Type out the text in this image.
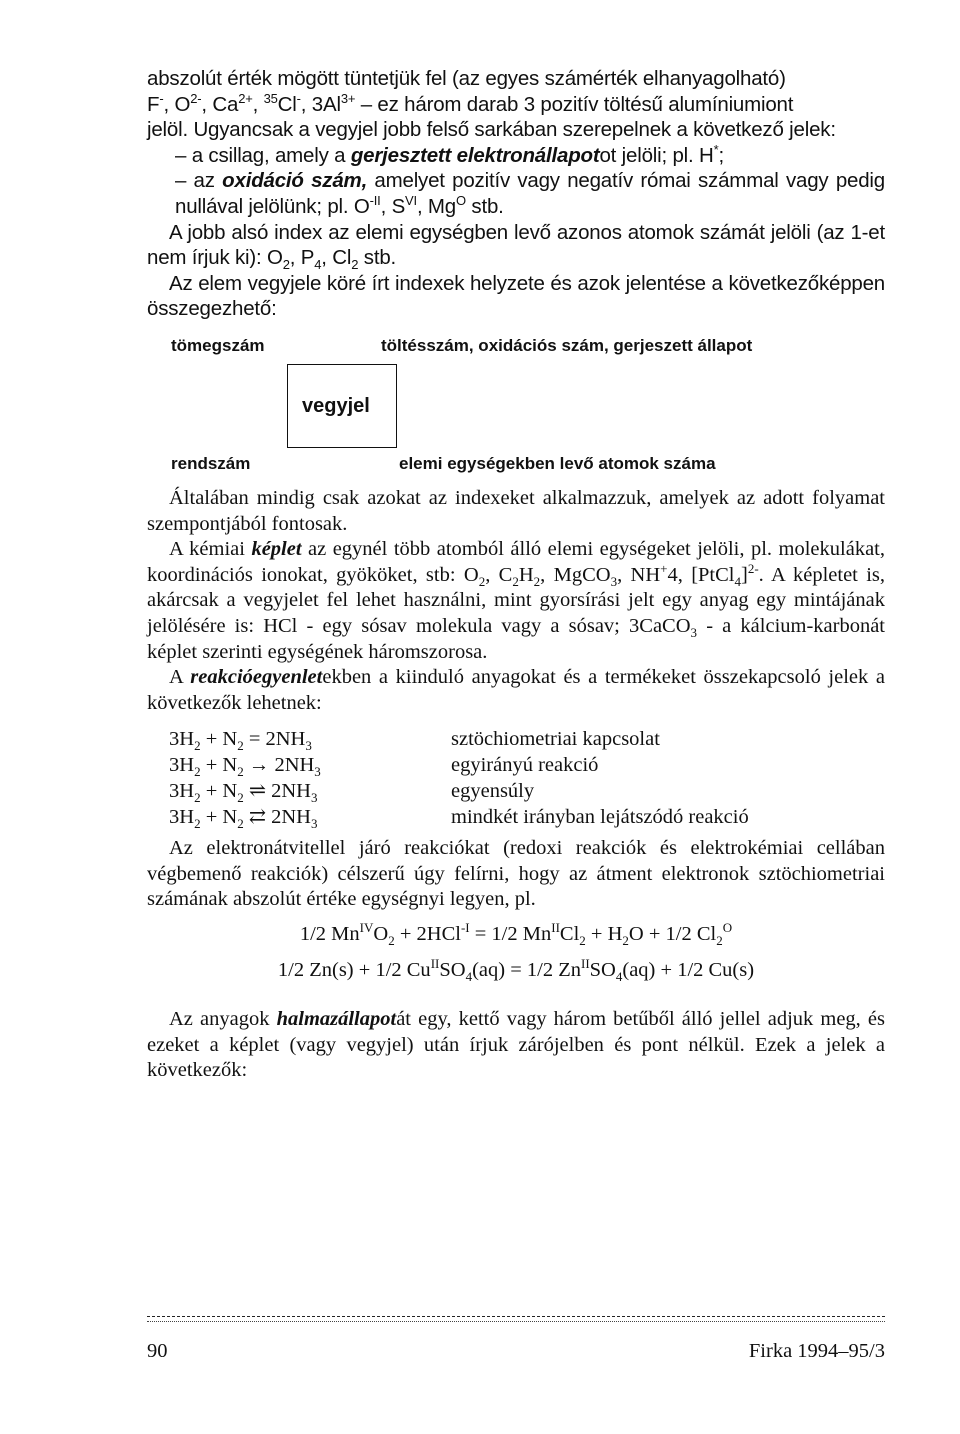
abszolút érték mögött tüntetjük fel (az egyes számérték elhanyagolható)
F-, $O^{2-}$, $Ca^{2+}$, $^{35}$Cl-, $3Al^{3+}$ – ez három darab 3 pozitív töltésű alumíniumiont
jelöl. Ugyancsak a vegyjel jobb felső sarkában szerepelnek a következő jelek:

– a csillag, amely a gerjesztett elektronállapotot jelöli; pl. H*;

– az oxidáció szám, amelyet pozitív vagy negatív római számmal vagy pedig nullával jelölünk; pl. $O^{-II}$, $S^{VI}$, $Mg^O$ stb.

A jobb alsó index az elemi egységben levő azonos atomok számát jelöli (az 1-et nem írjuk ki): $O_2$, $P_4$, $Cl_2$ stb.

Az elem vegyjele köré írt indexek helyzete és azok jelentése a következőképpen összegezhető:

tömegszám	töltésszám, oxidációs szám, gerjeszett állapot
vegyjel
rendszám	elemi egységekben levő atomok száma

Általában mindig csak azokat az indexeket alkalmazzuk, amelyek az adott folyamat szempontjából fontosak.

A kémiai képlet az egynél több atomból álló elemi egységeket jelöli, pl. molekulákat, koordinációs ionokat, gyököket, stb: $O_2$, $C_2H_2$, MgCO$_3$, NH+4, [PtCl$_4$]$^{2-}$. A képletet is, akárcsak a vegyjelet fel lehet használni, mint gyorsírási jelt egy anyag egy mintájának jelölésére is: HCl - egy sósav molekula vagy a sósav; 3CaCO$_3$ - a kálcium-karbonát képlet szerinti egységének háromszorosa.

A reakcióegyenletekben a kiinduló anyagokat és a termékeket összekapcsoló jelek a következők lehetnek:

$3H_2 + N_2 = 2NH_3$	sztöchiometriai kapcsolat
$3H_2 + N_2 \to 2NH_3$	egyirányú reakció
$3H_2 + N_2$ ⇌ $2NH_3$	egyensúly
$3H_2 + N_2$ ⇄ $2NH_3$	mindkét irányban lejátszódó reakció

Az elektronátvitellel járó reakciókat (redoxi reakciók és elektrokémiai cellában végbemenő reakciók) célszerű úgy felírni, hogy az átment elektronok sztöchiometriai számának abszolút értéke egységnyi legyen, pl.

1/2 $Mn^{IV}O_2 + 2HCl^{-I} = 1/2$ $Mn^{II}Cl_2 + H_2O + 1/2$ $Cl_2^O$
1/2 Zn(s) + 1/2 $Cu^{II}SO_4(aq) = 1/2$ $Zn^{II}SO_4(aq) + 1/2$ Cu(s)

Az anyagok halmazállapotát egy, kettő vagy három betűből álló jellel adjuk meg, és ezeket a képlet (vagy vegyjel) után írjuk zárójelben és pont nélkül. Ezek a jelek a következők:

90	Firka 1994–95/3
